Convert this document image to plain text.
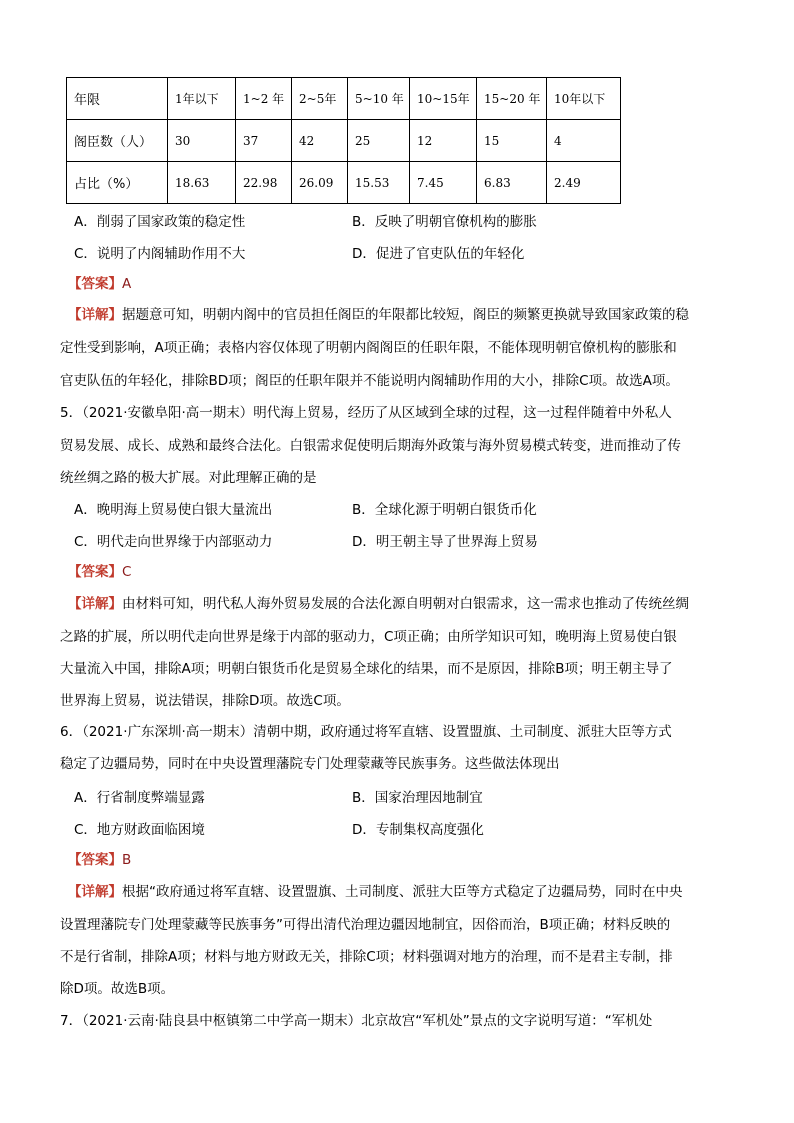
年限	1年以下	1~2 年	2~5年	5~10 年	10~15年	15~20 年	10年以下
阁臣数（人）	30	37	42	25	12	15	4
占比（%）	18.63	22.98	26.09	15.53	7.45	6.83	2.49
A．削弱了国家政策的稳定性	B．反映了明朝官僚机构的膨胀
C．说明了内阁辅助作用不大	D．促进了官吏队伍的年轻化
【答案】A
【详解】据题意可知，明朝内阁中的官员担任阁臣的年限都比较短，阁臣的频繁更换就导致国家政策的稳
定性受到影响，A项正确；表格内容仅体现了明朝内阁阁臣的任职年限，不能体现明朝官僚机构的膨胀和
官吏队伍的年轻化，排除BD项；阁臣的任职年限并不能说明内阁辅助作用的大小，排除C项。故选A项。
5．（2021·安徽阜阳·高一期末）明代海上贸易，经历了从区域到全球的过程，这一过程伴随着中外私人
贸易发展、成长、成熟和最终合法化。白银需求促使明后期海外政策与海外贸易模式转变，进而推动了传
统丝绸之路的极大扩展。对此理解正确的是
A．晚明海上贸易使白银大量流出	B．全球化源于明朝白银货币化
C．明代走向世界缘于内部驱动力	D．明王朝主导了世界海上贸易
【答案】C
【详解】由材料可知，明代私人海外贸易发展的合法化源自明朝对白银需求，这一需求也推动了传统丝绸
之路的扩展，所以明代走向世界是缘于内部的驱动力，C项正确；由所学知识可知，晚明海上贸易使白银
大量流入中国，排除A项；明朝白银货币化是贸易全球化的结果，而不是原因，排除B项；明王朝主导了
世界海上贸易，说法错误，排除D项。故选C项。
6．（2021·广东深圳·高一期末）清朝中期，政府通过将军直辖、设置盟旗、土司制度、派驻大臣等方式
稳定了边疆局势，同时在中央设置理藩院专门处理蒙藏等民族事务。这些做法体现出
A．行省制度弊端显露	B．国家治理因地制宜
C．地方财政面临困境	D．专制集权高度强化
【答案】B
【详解】根据“政府通过将军直辖、设置盟旗、土司制度、派驻大臣等方式稳定了边疆局势，同时在中央
设置理藩院专门处理蒙藏等民族事务”可得出清代治理边疆因地制宜，因俗而治，B项正确；材料反映的
不是行省制，排除A项；材料与地方财政无关，排除C项；材料强调对地方的治理，而不是君主专制，排
除D项。故选B项。
7．（2021·云南·陆良县中枢镇第二中学高一期末）北京故宫“军机处”景点的文字说明写道：“军机处
